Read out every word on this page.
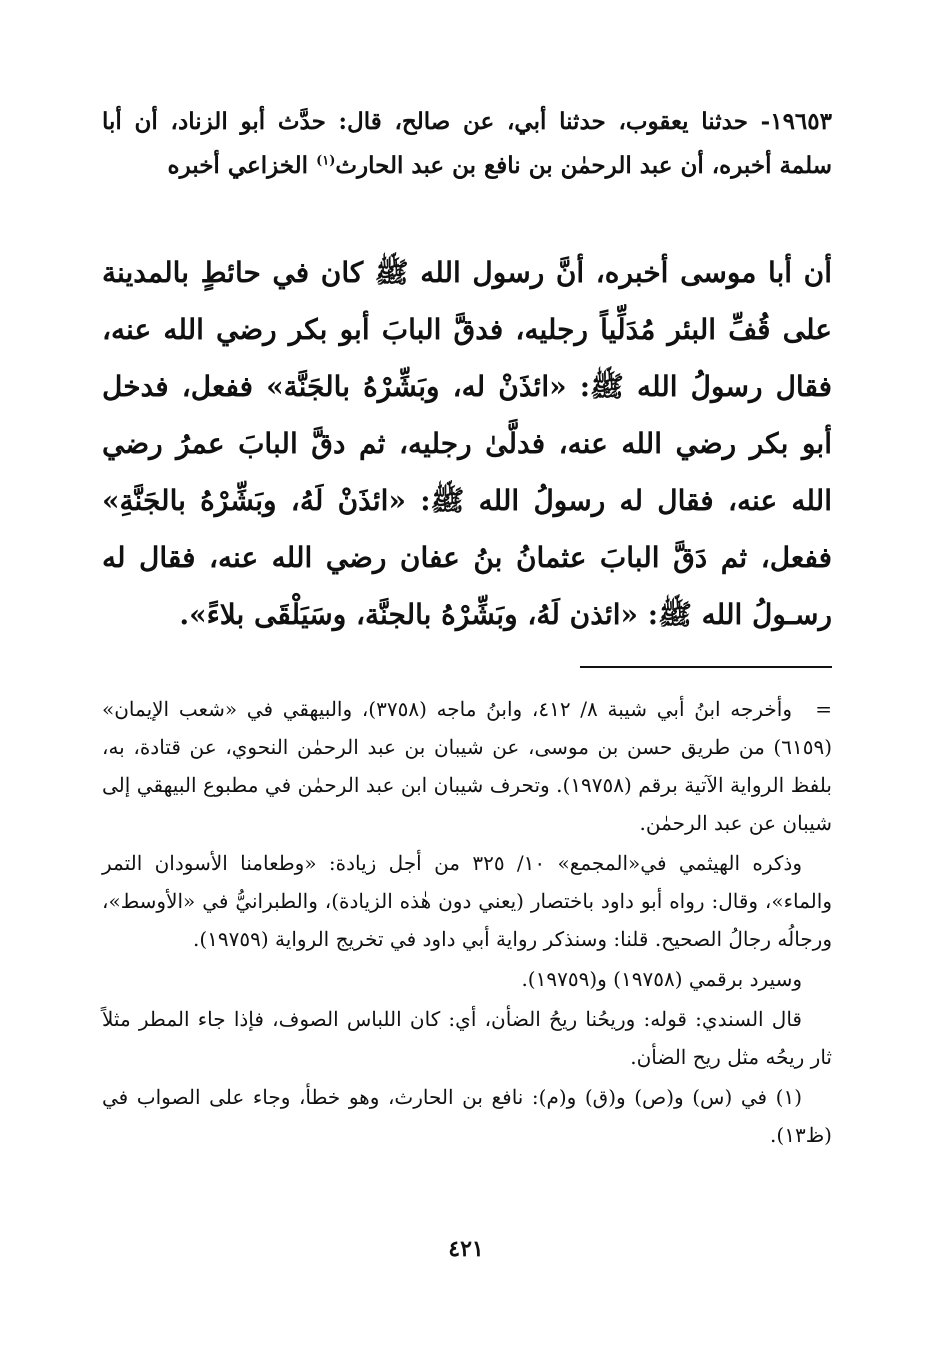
١٩٦٥٣- حدثنا يعقوب، حدثنا أبي، عن صالح، قال: حدَّث أبو الزناد، أن أبا سلمة أخبره، أن عبد الرحمٰن بن نافع بن عبد الحارث$^{(١)}$ الخزاعي أخبره
أن أبا موسى أخبره، أنَّ رسول الله ﷺ كان في حائطٍ بالمدينة على قُفِّ البئر مُدَلِّياً رجليه، فدقَّ البابَ أبو بكر رضي الله عنه، فقال رسولُ الله ﷺ: «ائذَنْ له، وبَشِّرْهُ بالجَنَّة» ففعل، فدخل أبو بكر رضي الله عنه، فدلَّىٰ رجليه، ثم دقَّ البابَ عمرُ رضي الله عنه، فقال له رسولُ الله ﷺ: «ائذَنْ لَهُ، وبَشِّرْهُ بالجَنَّةِ» ففعل، ثم دَقَّ البابَ عثمانُ بنُ عفان رضي الله عنه، فقال له رسـولُ الله ﷺ: «ائذن لَهُ، وبَشِّرْهُ بالجنَّة، وسَيَلْقَى بلاءً».

=وأخرجه ابنُ أبي شيبة ٨/ ٤١٢، وابنُ ماجه (٣٧٥٨)، والبيهقي في «شعب الإيمان» (٦١٥٩) من طريق حسن بن موسى، عن شيبان بن عبد الرحمٰن النحوي، عن قتادة، به، بلفظ الرواية الآتية برقم (١٩٧٥٨). وتحرف شيبان ابن عبد الرحمٰن في مطبوع البيهقي إلى شيبان عن عبد الرحمٰن.

وذكره الهيثمي في«المجمع» ١٠/ ٣٢٥ من أجل زيادة: «وطعامنا الأسودان التمر والماء»، وقال: رواه أبو داود باختصار (يعني دون هٰذه الزيادة)، والطبرانيُّ في «الأوسط»، ورجالُه رجالُ الصحيح. قلنا: وسنذكر رواية أبي داود في تخريج الرواية (١٩٧٥٩).

وسيرد برقمي (١٩٧٥٨) و(١٩٧٥٩).

قال السندي: قوله: وريحُنا ريحُ الضأن، أي: كان اللباس الصوف، فإذا جاء المطر مثلاً ثار ريحُه مثل ريح الضأن.

(١) في (س) و(ص) و(ق) و(م): نافع بن الحارث، وهو خطأ، وجاء على الصواب في (ظ١٣).

٤٢١
